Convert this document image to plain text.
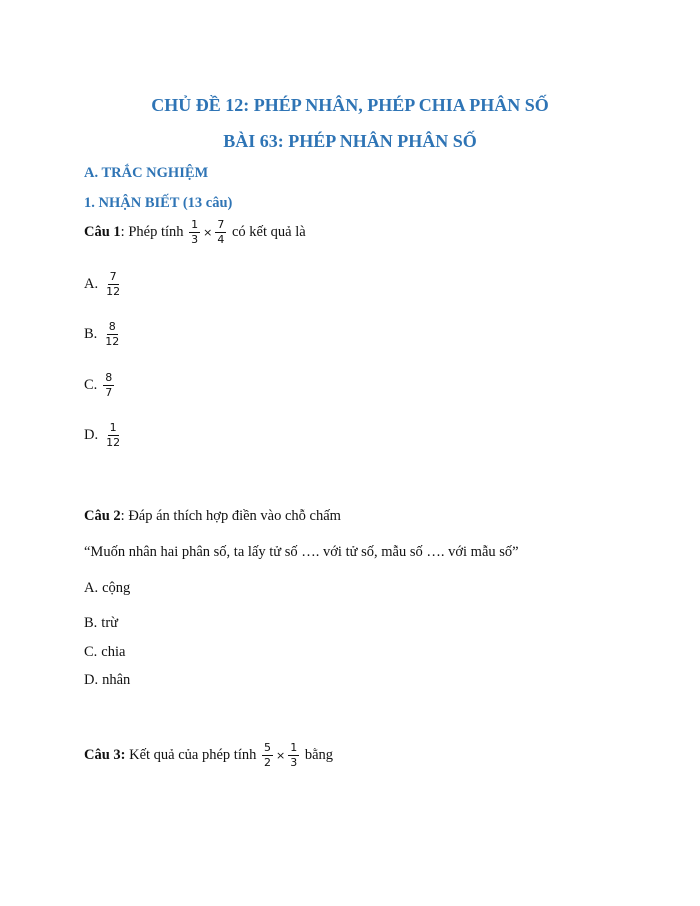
CHỦ ĐỀ 12: PHÉP NHÂN, PHÉP CHIA PHÂN SỐ
BÀI 63: PHÉP NHÂN PHÂN SỐ
A. TRẮC NGHIỆM
1. NHẬN BIẾT (13 câu)
Câu 1 : Phép tính $\frac{1}{3} \times \frac{7}{4}$ có kết quả là
A. $\frac{7}{12}$
B. $\frac{8}{12}$
C. $\frac{8}{7}$
D. $\frac{1}{12}$
Câu 2 : Đáp án thích hợp điền vào chỗ chấm
“Muốn nhân hai phân số, ta lấy tử số …. với tử số, mẫu số …. với mẫu số”
A. cộng
B. trừ
C. chia
D. nhân
Câu 3: Kết quả của phép tính $\frac{5}{2} \times \frac{1}{3}$ bằng
